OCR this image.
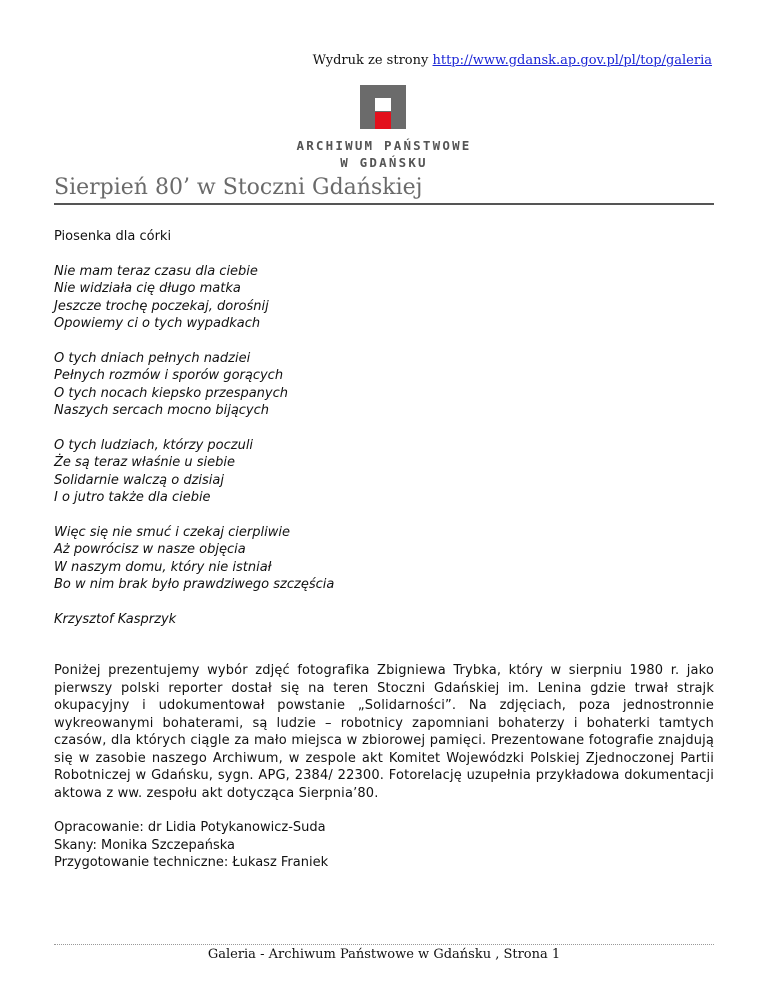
Wydruk ze strony http://www.gdansk.ap.gov.pl/pl/top/galeria
ARCHIWUM PAŃSTWOWE
W GDAŃSKU
Sierpień 80’ w Stoczni Gdańskiej

Piosenka dla córki

Nie mam teraz czasu dla ciebie
Nie widziała cię długo matka
Jeszcze trochę poczekaj, dorośnij
Opowiemy ci o tych wypadkach

O tych dniach pełnych nadziei
Pełnych rozmów i sporów gorących
O tych nocach kiepsko przespanych
Naszych sercach mocno bijących

O tych ludziach, którzy poczuli
Że są teraz właśnie u siebie
Solidarnie walczą o dzisiaj
I o jutro także dla ciebie

Więc się nie smuć i czekaj cierpliwie
Aż powrócisz w nasze objęcia
W naszym domu, który nie istniał
Bo w nim brak było prawdziwego szczęścia

Krzysztof Kasprzyk

Poniżej prezentujemy wybór zdjęć fotografika Zbigniewa Trybka, który w sierpniu 1980 r. jako pierwszy polski reporter dostał się na teren Stoczni Gdańskiej im. Lenina gdzie trwał strajk okupacyjny i udokumentował powstanie „Solidarności”. Na zdjęciach, poza jednostronnie wykreowanymi bohaterami, są ludzie – robotnicy zapomniani bohaterzy i bohaterki tamtych czasów, dla których ciągle za mało miejsca w zbiorowej pamięci. Prezentowane fotografie znajdują się w zasobie naszego Archiwum, w zespole akt Komitet Wojewódzki Polskiej Zjednoczonej Partii Robotniczej w Gdańsku, sygn. APG, 2384/ 22300. Fotorelację uzupełnia przykładowa dokumentacji aktowa z ww. zespołu akt dotycząca Sierpnia’80.

Opracowanie: dr Lidia Potykanowicz-Suda
Skany: Monika Szczepańska
Przygotowanie techniczne: Łukasz Franiek

Galeria - Archiwum Państwowe w Gdańsku , Strona 1
